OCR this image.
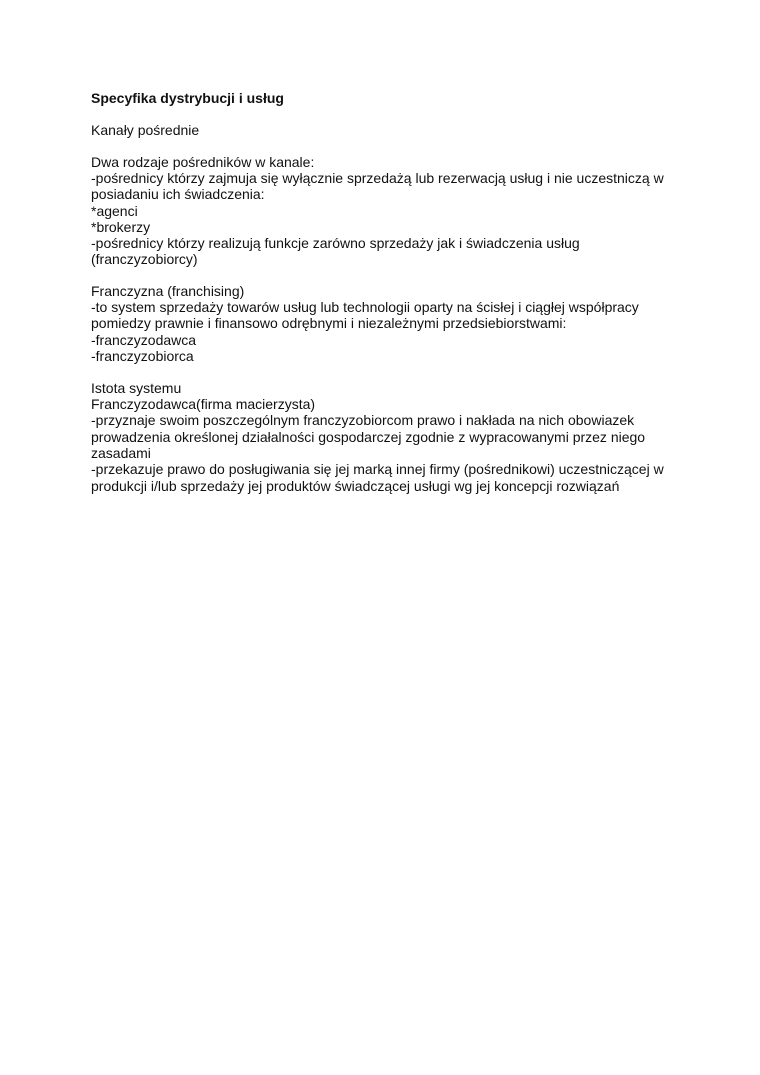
Specyfika dystrybucji i usług
Kanały pośrednie
Dwa rodzaje pośredników w kanale:
-pośrednicy którzy zajmuja się wyłącznie sprzedażą lub rezerwacją usług i nie uczestniczą w
posiadaniu ich świadczenia:
*agenci
*brokerzy
-pośrednicy którzy realizują funkcje zarówno sprzedaży jak i świadczenia usług
(franczyzobiorcy)
Franczyzna (franchising)
-to system sprzedaży towarów usług lub technologii oparty na ścisłej i ciągłej współpracy
pomiedzy prawnie i finansowo odrębnymi i niezależnymi przedsiebiorstwami:
-franczyzodawca
-franczyzobiorca
Istota systemu
Franczyzodawca(firma macierzysta)
-przyznaje swoim poszczególnym franczyzobiorcom prawo i nakłada na nich obowiazek
prowadzenia określonej działalności gospodarczej zgodnie z wypracowanymi przez niego
zasadami
-przekazuje prawo do posługiwania się jej marką innej firmy (pośrednikowi) uczestniczącej w
produkcji i/lub sprzedaży jej produktów świadczącej usługi wg jej koncepcji rozwiązań
